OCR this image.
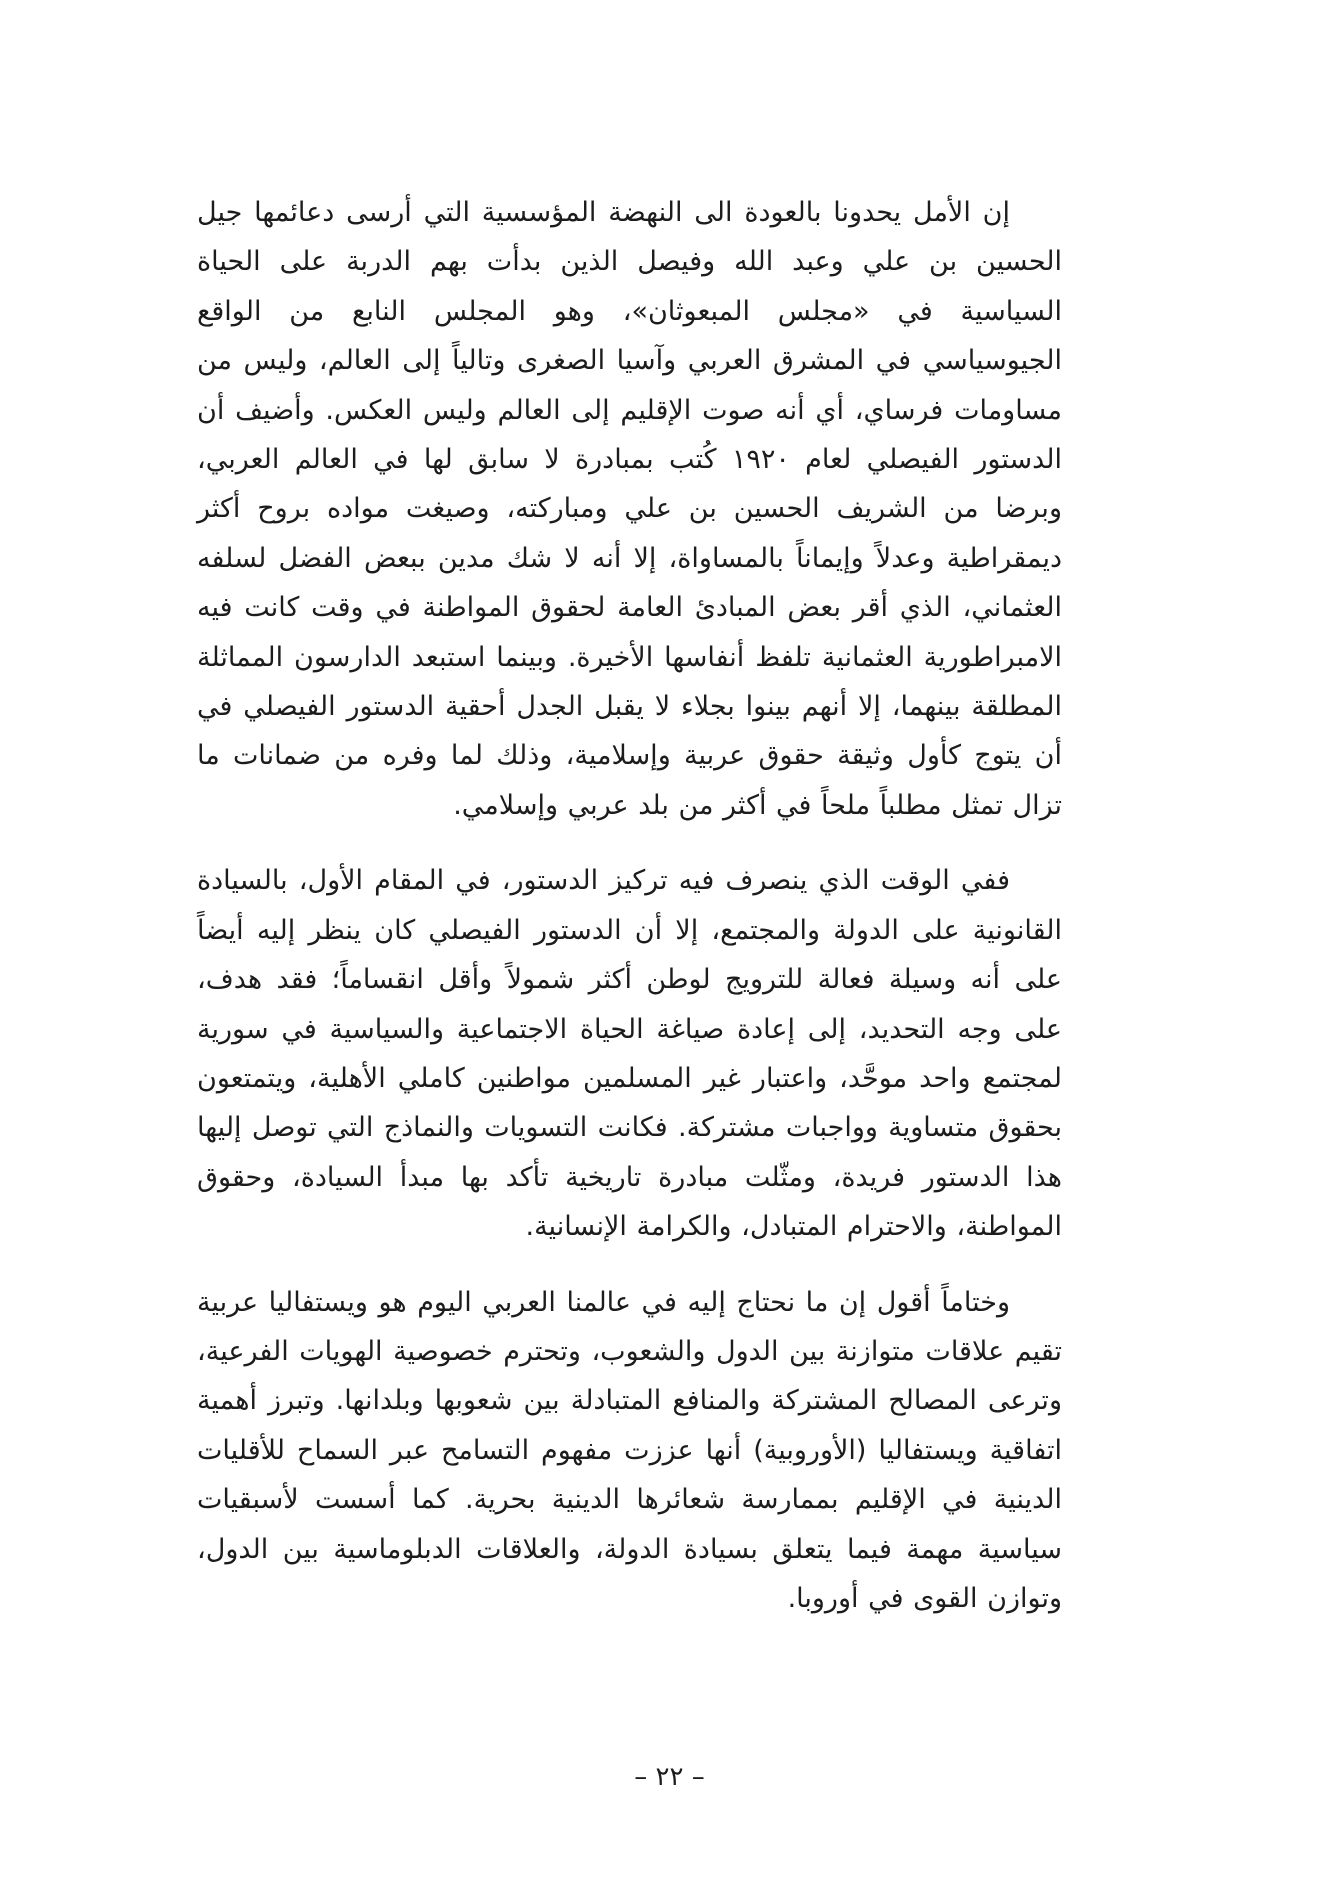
إن الأمل يحدونا بالعودة الى النهضة المؤسسية التي أرسى دعائمها جيل الحسين بن علي وعبد الله وفيصل الذين بدأت بهم الدربة على الحياة السياسية في «مجلس المبعوثان»، وهو المجلس النابع من الواقع الجيوسياسي في المشرق العربي وآسيا الصغرى وتالياً إلى العالم، وليس من مساومات فرساي، أي أنه صوت الإقليم إلى العالم وليس العكس. وأضيف أن الدستور الفيصلي لعام ١٩٢٠ كُتب بمبادرة لا سابق لها في العالم العربي، وبرضا من الشريف الحسين بن علي ومباركته، وصيغت مواده بروح أكثر ديمقراطية وعدلاً وإيماناً بالمساواة، إلا أنه لا شك مدين ببعض الفضل لسلفه العثماني، الذي أقر بعض المبادئ العامة لحقوق المواطنة في وقت كانت فيه الامبراطورية العثمانية تلفظ أنفاسها الأخيرة. وبينما استبعد الدارسون المماثلة المطلقة بينهما، إلا أنهم بينوا بجلاء لا يقبل الجدل أحقية الدستور الفيصلي في أن يتوج كأول وثيقة حقوق عربية وإسلامية، وذلك لما وفره من ضمانات ما تزال تمثل مطلباً ملحاً في أكثر من بلد عربي وإسلامي.

ففي الوقت الذي ينصرف فيه تركيز الدستور، في المقام الأول، بالسيادة القانونية على الدولة والمجتمع، إلا أن الدستور الفيصلي كان ينظر إليه أيضاً على أنه وسيلة فعالة للترويج لوطن أكثر شمولاً وأقل انقساماً؛ فقد هدف، على وجه التحديد، إلى إعادة صياغة الحياة الاجتماعية والسياسية في سورية لمجتمع واحد موحَّد، واعتبار غير المسلمين مواطنين كاملي الأهلية، ويتمتعون بحقوق متساوية وواجبات مشتركة. فكانت التسويات والنماذج التي توصل إليها هذا الدستور فريدة، ومثّلت مبادرة تاريخية تأكد بها مبدأ السيادة، وحقوق المواطنة، والاحترام المتبادل، والكرامة الإنسانية.

وختاماً أقول إن ما نحتاج إليه في عالمنا العربي اليوم هو ويستفاليا عربية تقيم علاقات متوازنة بين الدول والشعوب، وتحترم خصوصية الهويات الفرعية، وترعى المصالح المشتركة والمنافع المتبادلة بين شعوبها وبلدانها. وتبرز أهمية اتفاقية ويستفاليا (الأوروبية) أنها عززت مفهوم التسامح عبر السماح للأقليات الدينية في الإقليم بممارسة شعائرها الدينية بحرية. كما أسست لأسبقيات سياسية مهمة فيما يتعلق بسيادة الدولة، والعلاقات الدبلوماسية بين الدول، وتوازن القوى في أوروبا.

– ٢٢ –
